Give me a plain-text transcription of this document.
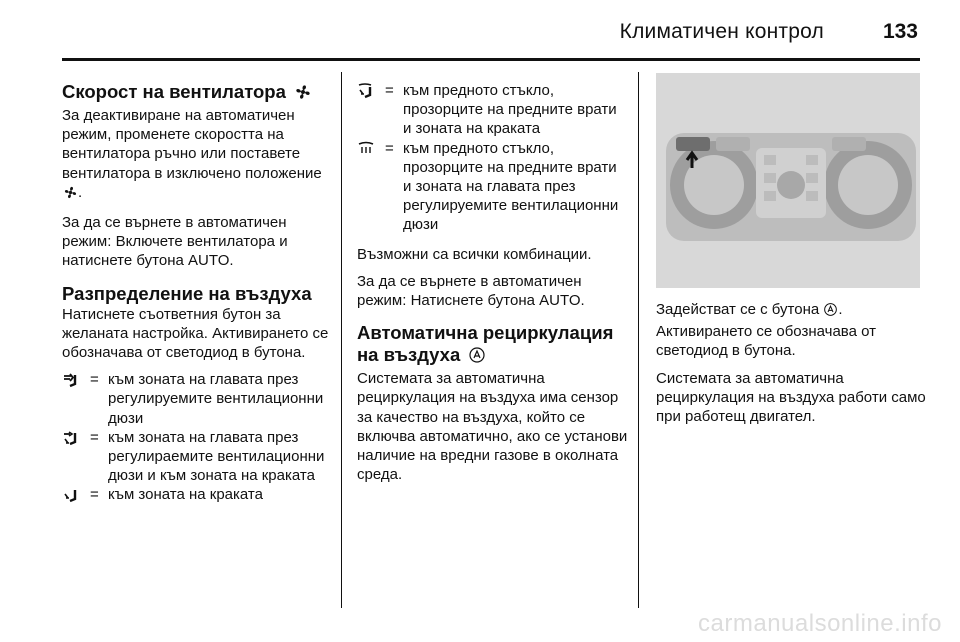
Климатичен контрол	133
Скорост на вентилатора

За деактивиране на автоматичен режим, променете скоростта на вентилатора ръчно или поставете вентилатора в изключено положение .

За да се върнете в автоматичен режим: Включете вентилатора и натиснете бутона AUTO.

Разпределение на въздуха

Натиснете съответния бутон за желаната настройка. Активирането се обозначава от светодиод в бутона.

= към зоната на главата през регулируемите вентилационни дюзи
= към зоната на главата през регулираемите вентилационни дюзи и към зоната на краката
= към зоната на краката
= към предното стъкло, прозорците на предните врати и зоната на краката
= към предното стъкло, прозорците на предните врати и зоната на главата през регулируемите вентилационни дюзи

Възможни са всички комбинации.

За да се върнете в автоматичен режим: Натиснете бутона AUTO.

Автоматична рециркулация на въздуха

Системата за автоматична рециркулация на въздуха има сензор за качество на въздуха, който се включва автоматично, ако се установи наличие на вредни газове в околната среда.

Задействат се с бутона .
Активирането се обозначава от светодиод в бутона.

Системата за автоматична рециркулация на въздуха работи само при работещ двигател.

carmanualsonline.info
